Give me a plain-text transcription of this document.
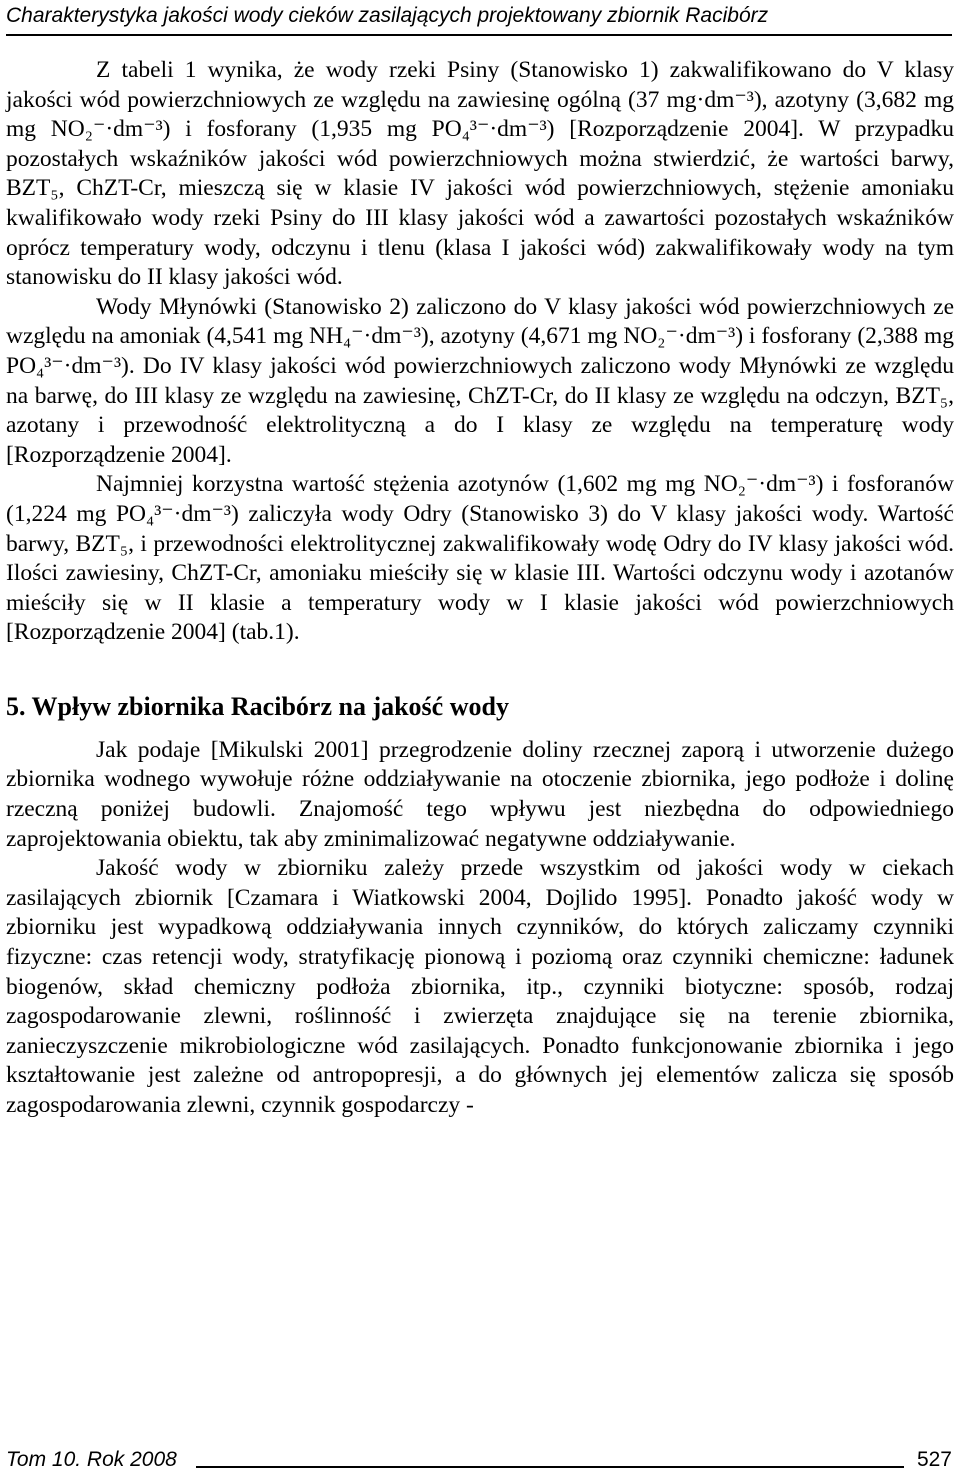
Charakterystyka jakości wody cieków zasilających projektowany zbiornik Racibórz

Z tabeli 1 wynika, że wody rzeki Psiny (Stanowisko 1) zakwalifikowano do V klasy jakości wód powierzchniowych ze względu na zawiesinę ogólną (37 mg·dm⁻³), azotyny (3,682 mg mg NO₂⁻·dm⁻³) i fosforany (1,935 mg PO₄³⁻·dm⁻³) [Rozporządzenie 2004]. W przypadku pozostałych wskaźników jakości wód powierzchniowych można stwierdzić, że wartości barwy, BZT₅, ChZT-Cr, mieszczą się w klasie IV jakości wód powierzchniowych, stężenie amoniaku kwalifikowało wody rzeki Psiny do III klasy jakości wód a zawartości pozostałych wskaźników oprócz temperatury wody, odczynu i tlenu (klasa I jakości wód) zakwalifikowały wody na tym stanowisku do II klasy jakości wód.

Wody Młynówki (Stanowisko 2) zaliczono do V klasy jakości wód powierzchniowych ze względu na amoniak (4,541 mg NH₄⁻·dm⁻³), azotyny (4,671 mg NO₂⁻·dm⁻³) i fosforany (2,388 mg PO₄³⁻·dm⁻³). Do IV klasy jakości wód powierzchniowych zaliczono wody Młynówki ze względu na barwę, do III klasy ze względu na zawiesinę, ChZT-Cr, do II klasy ze względu na odczyn, BZT₅, azotany i przewodność elektrolityczną a do I klasy ze względu na temperaturę wody [Rozporządzenie 2004].

Najmniej korzystna wartość stężenia azotynów (1,602 mg mg NO₂⁻·dm⁻³) i fosforanów (1,224 mg PO₄³⁻·dm⁻³) zaliczyła wody Odry (Stanowisko 3) do V klasy jakości wody. Wartość barwy, BZT₅, i przewodności elektrolitycznej zakwalifikowały wodę Odry do IV klasy jakości wód. Ilości zawiesiny, ChZT-Cr, amoniaku mieściły się w klasie III. Wartości odczynu wody i azotanów mieściły się w II klasie a temperatury wody w I klasie jakości wód powierzchniowych [Rozporządzenie 2004] (tab.1).

5. Wpływ zbiornika Racibórz na jakość wody

Jak podaje [Mikulski 2001] przegrodzenie doliny rzecznej zaporą i utworzenie dużego zbiornika wodnego wywołuje różne oddziaływanie na otoczenie zbiornika, jego podłoże i dolinę rzeczną poniżej budowli. Znajomość tego wpływu jest niezbędna do odpowiedniego zaprojektowania obiektu, tak aby zminimalizować negatywne oddziaływanie.

Jakość wody w zbiorniku zależy przede wszystkim od jakości wody w ciekach zasilających zbiornik [Czamara i Wiatkowski 2004, Dojlido 1995]. Ponadto jakość wody w zbiorniku jest wypadkową oddziaływania innych czynników, do których zaliczamy czynniki fizyczne: czas retencji wody, stratyfikację pionową i poziomą oraz czynniki chemiczne: ładunek biogenów, skład chemiczny podłoża zbiornika, itp., czynniki biotyczne: sposób, rodzaj zagospodarowanie zlewni, roślinność i zwierzęta znajdujące się na terenie zbiornika, zanieczyszczenie mikrobiologiczne wód zasilających. Ponadto funkcjonowanie zbiornika i jego kształtowanie jest zależne od antropopresji, a do głównych jej elementów zalicza się sposób zagospodarowania zlewni, czynnik gospodarczy -

Tom 10. Rok 2008	527
